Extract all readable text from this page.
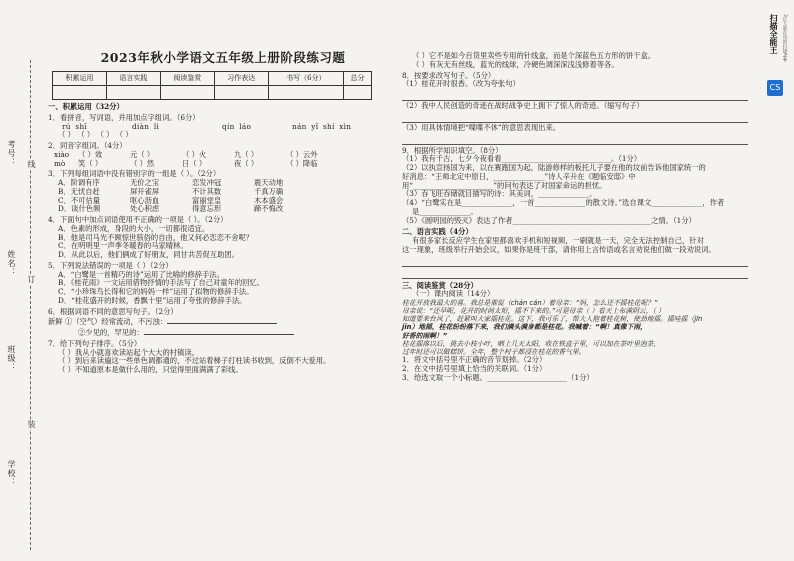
考号：
姓名：
班级：
学校：
线
订
装
2023年秋小学语文五年级上册阶段练习题
积累运用	语言实践	阅读鉴赏	习作表达	书写（6分）	总分

一、积累运用（32分）
1．看拼音，写词语，并用加点字组词。（6分）
rú shī	diàn lì	qín láo	nán yǐ shí xìn
（ ） （ ） （ ） （ ）
2．同音字组词。（4分）
xiào	（ ）效	元（ ）	（ ）火	九（ ）	（ ）云外
mò	笑（ ）	（ ）然	日（ ）	夜（ ）	（ ）降临
3．下列每组词语中没有错别字的一组是（ ）。（2分）
A．阶调有序	无价之宝	恋发冲冠	震天动地
B．无忧自赶	屏开雀屏	不计其数	千真万确
C．不可估量	呕心沥血	富丽堂皇	木本盛会
D．谈什色频	处心积虑	得意忘形	蹄不悔改
4．下面句中加点词语使用不正确的一项是（ ）。（2分）
A．色素的形成，身段的大小，一切都很适宜。
B．他是司马光不顾惊世骇俗的自由，他又何必恋恋不舍呢？
C．在明明里一声季冬暖春的马家晴林。
D．从此以后，他们俩成了好朋友，同甘共苦促互助团。
5．下列说法错误的一项是（ ）（2分）
A．“白鹭是一首精巧的诗”运用了比喻的修辞手法。
B．《桂花雨》一文运用借物抒情的手法写了自己对童年的回忆。
C．“小珍珠鸟长得和它的妈妈一样”运用了拟物的修辞手法。
D．“桂花盛开的时候，香飘十里”运用了夸张的修辞手法。
6．根据词语不同的意思写句子。（2分）
新鲜 ①（空气）经常流动，不污浊：
②少见的，罕见的：
7．给下列句子排序。（5分）
（ ）我从小就喜欢读站起个大大的村镇读。
（ ）到后来读遍这一些单色调都通的，不过站着梯子打柱读书收到，反倒不大爱用。
（ ）不知道原本是做什么用的，只觉得里面满满了彩线。
（ ）它不是如今百货里卖些专用的针线盒，而是个深蓝色五方形的饼干盒。
（ ）有灰无有丝线，蓝光的线球，冷硬色调深深浅浅修着等各。
8．按要求改写句子。（5分）
（1）桂花开时很香。（改为夸张句）
（2）我中人民创造的奇迹在战时战争史上拥下了惊人的奇迹。（缩写句子）
（3）用具体情境把“喋喋不休”的意思表现出来。
9．根据所学知识填空。（8分）
（1）我有千古，七夕今夜看看______________________________。（1分）
（2）以执宣扬国为来，以在赛跑国为起，陆游修样的板托儿子要在他的坟前告诉他国家统一的
好消息：“王师北定中原日，______________”诗人辛升在《题临安邸》中
用“______________________”的问句表达了对国家命运的担忧。
（3）吞飞旺吞储就目描写的诗：其美词，______________。
（4）“白鹭实在是______________，一首______________的散文诗。”选自课文______________，作者
是______________。
（5）《圆明园的毁灭》表达了作者______________________________________之情。（1分）
二、语言实践（4分）
有很多家长反应学生在家里都喜欢手机和短视频，一刷就是一天，完全无法控制自己，针对
这一现象，班级举行开始会议，如果你是班干部，请你用上言传语或名言劝说他们做一段劝说词。
三、阅读鉴赏（28分）
（一）课内阅读（14分）
桂花开放我最大的喜。我总是催促（chán cán）着母亲：“妈，怎么还不摇桂花呢？”
母亲说：“还早呢，花开的时间太短，摇不下来的。”可是母亲（ ）看天上布满阴云，（ ）
知道要来台风了，赶紧叫大家摇桂花。这下，我可乐了，帮大人抱着桂花树，使劲地摇。摇哇摇（jīn
jīn）地摇，桂花纷纷落下来，我们满头满身都是桂花。我喊着：“啊！真像下雨，
好香的雨啊！”
桂花摇落以后，挑去小枝小叶，晒上几天太阳，收在铁盒子里，可以加在茶叶里泡茶，
过年时还可以做糕饼。全年，整个村子都浸在桂花的香气里。
1．将文中括号里不正确的音节划掉。（2分）
2．在文中括号里填上恰当的关联词。（1分）
3．给选文取一个小标题。______________________（1分）
扫描全能王 3亿人都在用的扫描App
CS
